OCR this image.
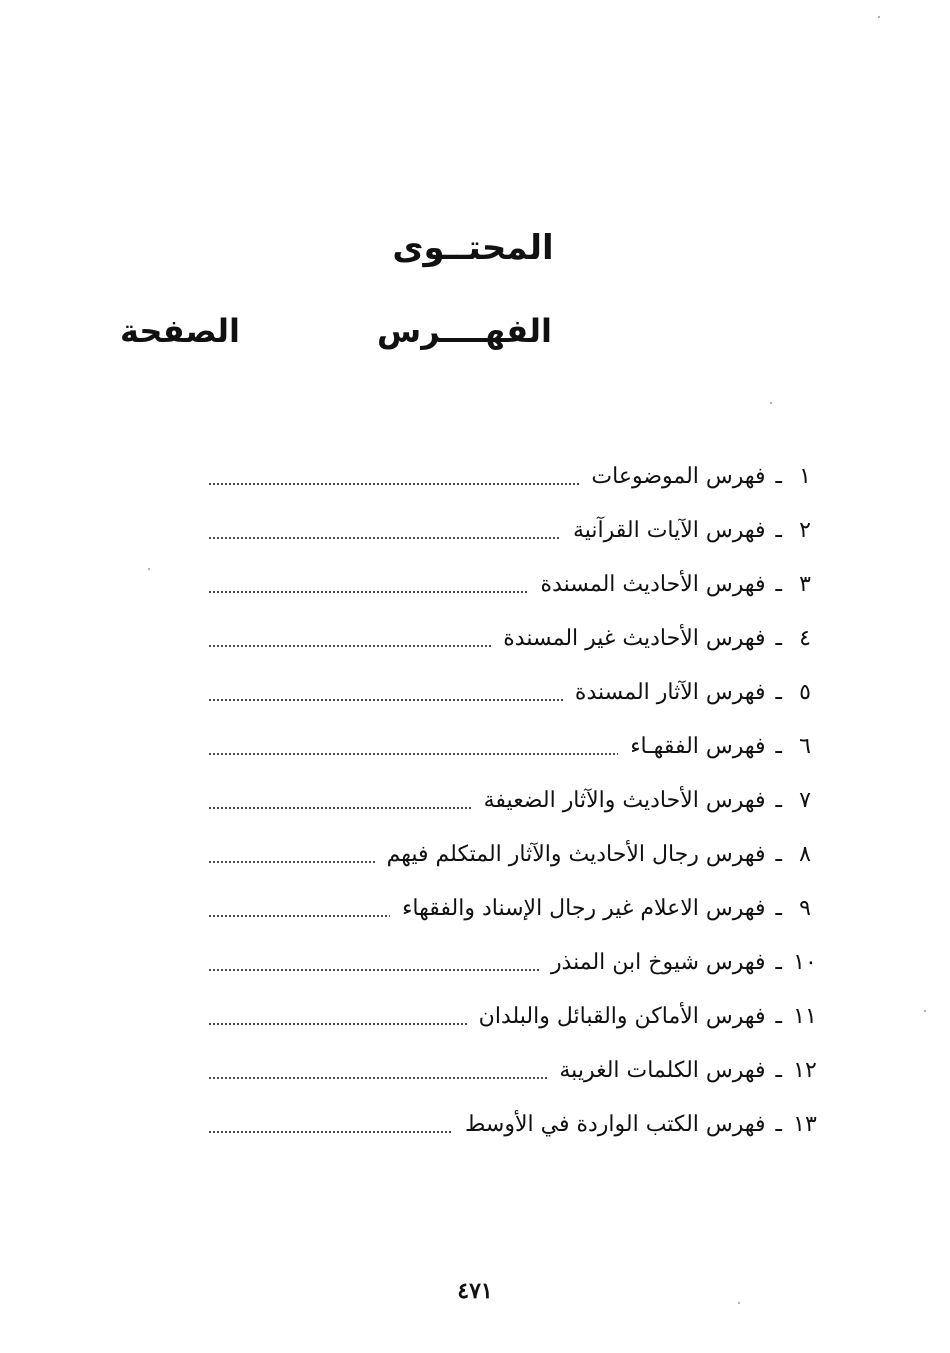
المحتــوى
الفهــــرس
الصفحة
١
ـ
فهرس الموضوعات
٢
ـ
فهرس الآيات القرآنية
٣
ـ
فهرس الأحاديث المسندة
٤
ـ
فهرس الأحاديث غير المسندة
٥
ـ
فهرس الآثار المسندة
٦
ـ
فهرس الفقهـاء
٧
ـ
فهرس الأحاديث والآثار الضعيفة
٨
ـ
فهرس رجال الأحاديث والآثار المتكلم فيهم
٩
ـ
فهرس الاعلام غير رجال الإسناد والفقهاء
١٠
ـ
فهرس شيوخ ابن المنذر
١١
ـ
فهرس الأماكن والقبائل والبلدان
١٢
ـ
فهرس الكلمات الغريبة
١٣
ـ
فهرس الكتب الواردة في الأوسط
٤٧١
